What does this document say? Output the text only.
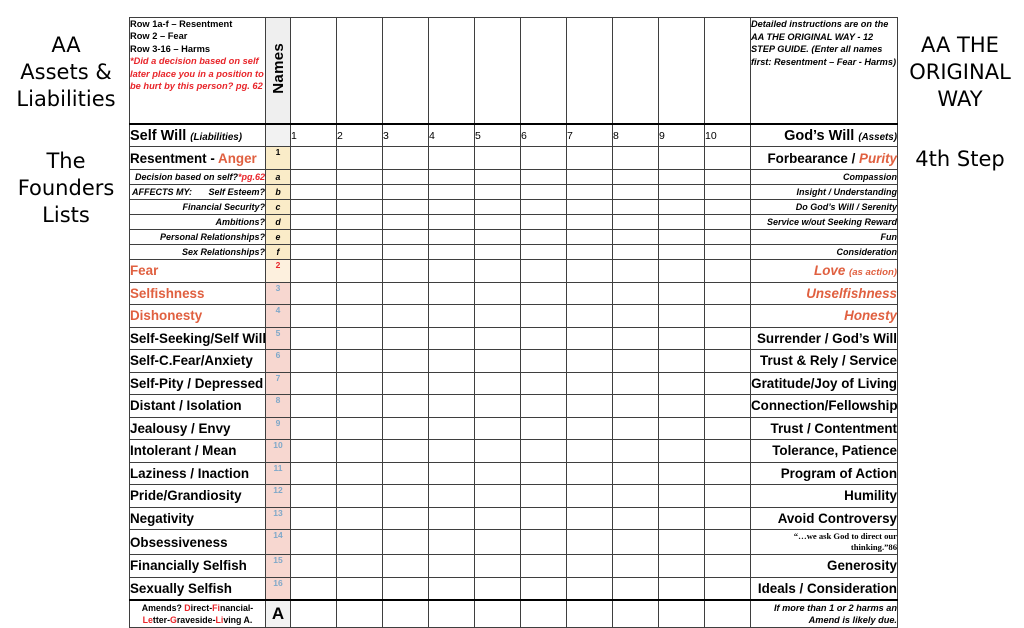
AA
Assets &
Liabilities
The
Founders
Lists
AA THE
ORIGINAL
WAY
4th Step
Row 1a-f – Resentment
Row 2 – Fear
Row 3-16 – Harms
*Did a decision based on self later place you in a position to be hurt by this person? pg. 62	Names											Detailed instructions are on the AA THE ORIGINAL WAY - 12 STEP GUIDE. (Enter all names first: Resentment – Fear - Harms)
Self Will (Liabilities)		1	2	3	4	5	6	7	8	9	10	God’s Will (Assets)
Resentment - Anger	1											Forbearance / Purity
Decision based on self?*pg.62	a											Compassion

AFFECTS MY: Self Esteem?	b											Insight / Understanding
Financial Security?	c											Do God’s Will / Serenity
Ambitions?	d											Service w/out Seeking Reward
Personal Relationships?	e											Fun
Sex Relationships?	f											Consideration
Fear	2											Love (as action)
Selfishness	3											Unselfishness
Dishonesty	4											Honesty
Self-Seeking/Self Will	5											Surrender / God’s Will
Self-C.Fear/Anxiety	6											Trust & Rely / Service
Self-Pity / Depressed	7											Gratitude/Joy of Living
Distant / Isolation	8											Connection/Fellowship
Jealousy / Envy	9											Trust / Contentment
Intolerant / Mean	10											Tolerance, Patience
Laziness / Inaction	11											Program of Action
Pride/Grandiosity	12											Humility
Negativity	13											Avoid Controversy
Obsessiveness	14											“…we ask God to direct our thinking.”86
Financially Selfish	15											Generosity
Sexually Selfish	16											Ideals / Consideration
Amends? Direct-Financial-
Letter-Graveside-Living A.	A											If more than 1 or 2 harms an Amend is likely due.
